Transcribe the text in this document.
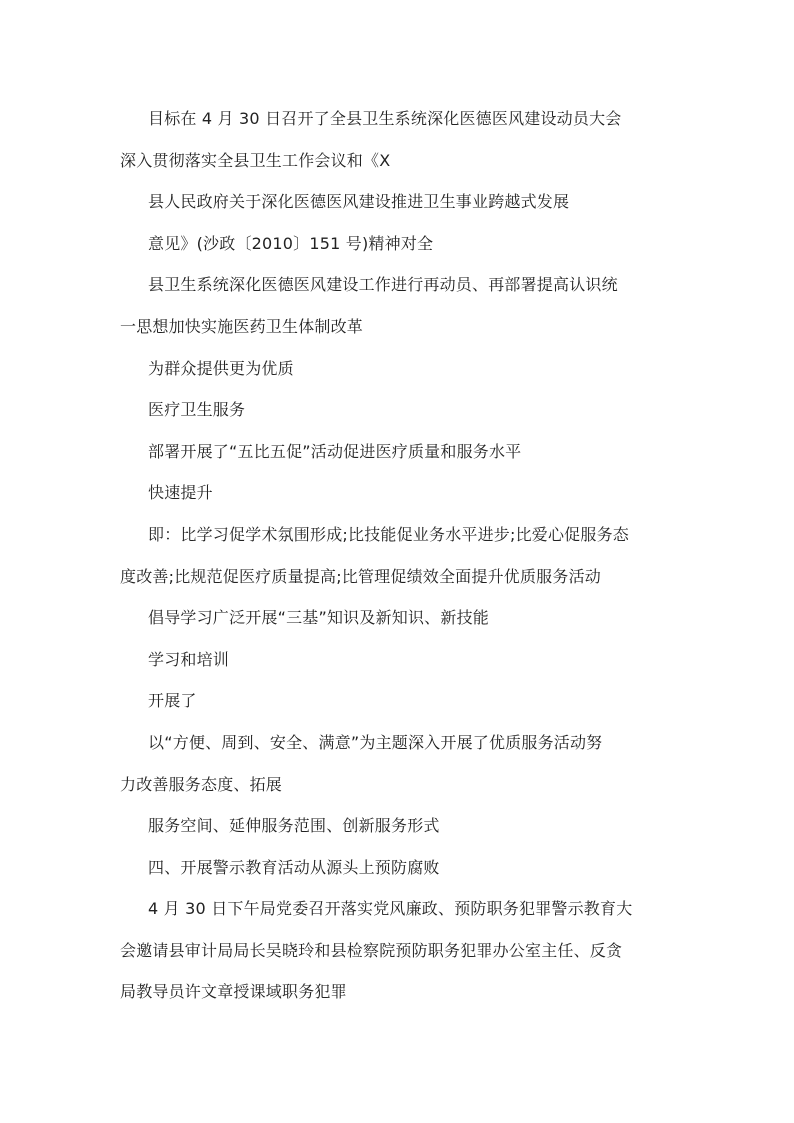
目标在 4 月 30 日召开了全县卫生系统深化医德医风建设动员大会
深入贯彻落实全县卫生工作会议和《X
县人民政府关于深化医德医风建设推进卫生事业跨越式发展
意见》(沙政〔2010〕151 号)精神对全
县卫生系统深化医德医风建设工作进行再动员、再部署提高认识统
一思想加快实施医药卫生体制改革
为群众提供更为优质
医疗卫生服务
部署开展了“五比五促”活动促进医疗质量和服务水平
快速提升
即：比学习促学术氛围形成;比技能促业务水平进步;比爱心促服务态
度改善;比规范促医疗质量提高;比管理促绩效全面提升优质服务活动
倡导学习广泛开展“三基”知识及新知识、新技能
学习和培训
开展了
以“方便、周到、安全、满意”为主题深入开展了优质服务活动努
力改善服务态度、拓展
服务空间、延伸服务范围、创新服务形式
四、开展警示教育活动从源头上预防腐败
4 月 30 日下午局党委召开落实党风廉政、预防职务犯罪警示教育大
会邀请县审计局局长吴晓玲和县检察院预防职务犯罪办公室主任、反贪
局教导员许文章授课域职务犯罪
